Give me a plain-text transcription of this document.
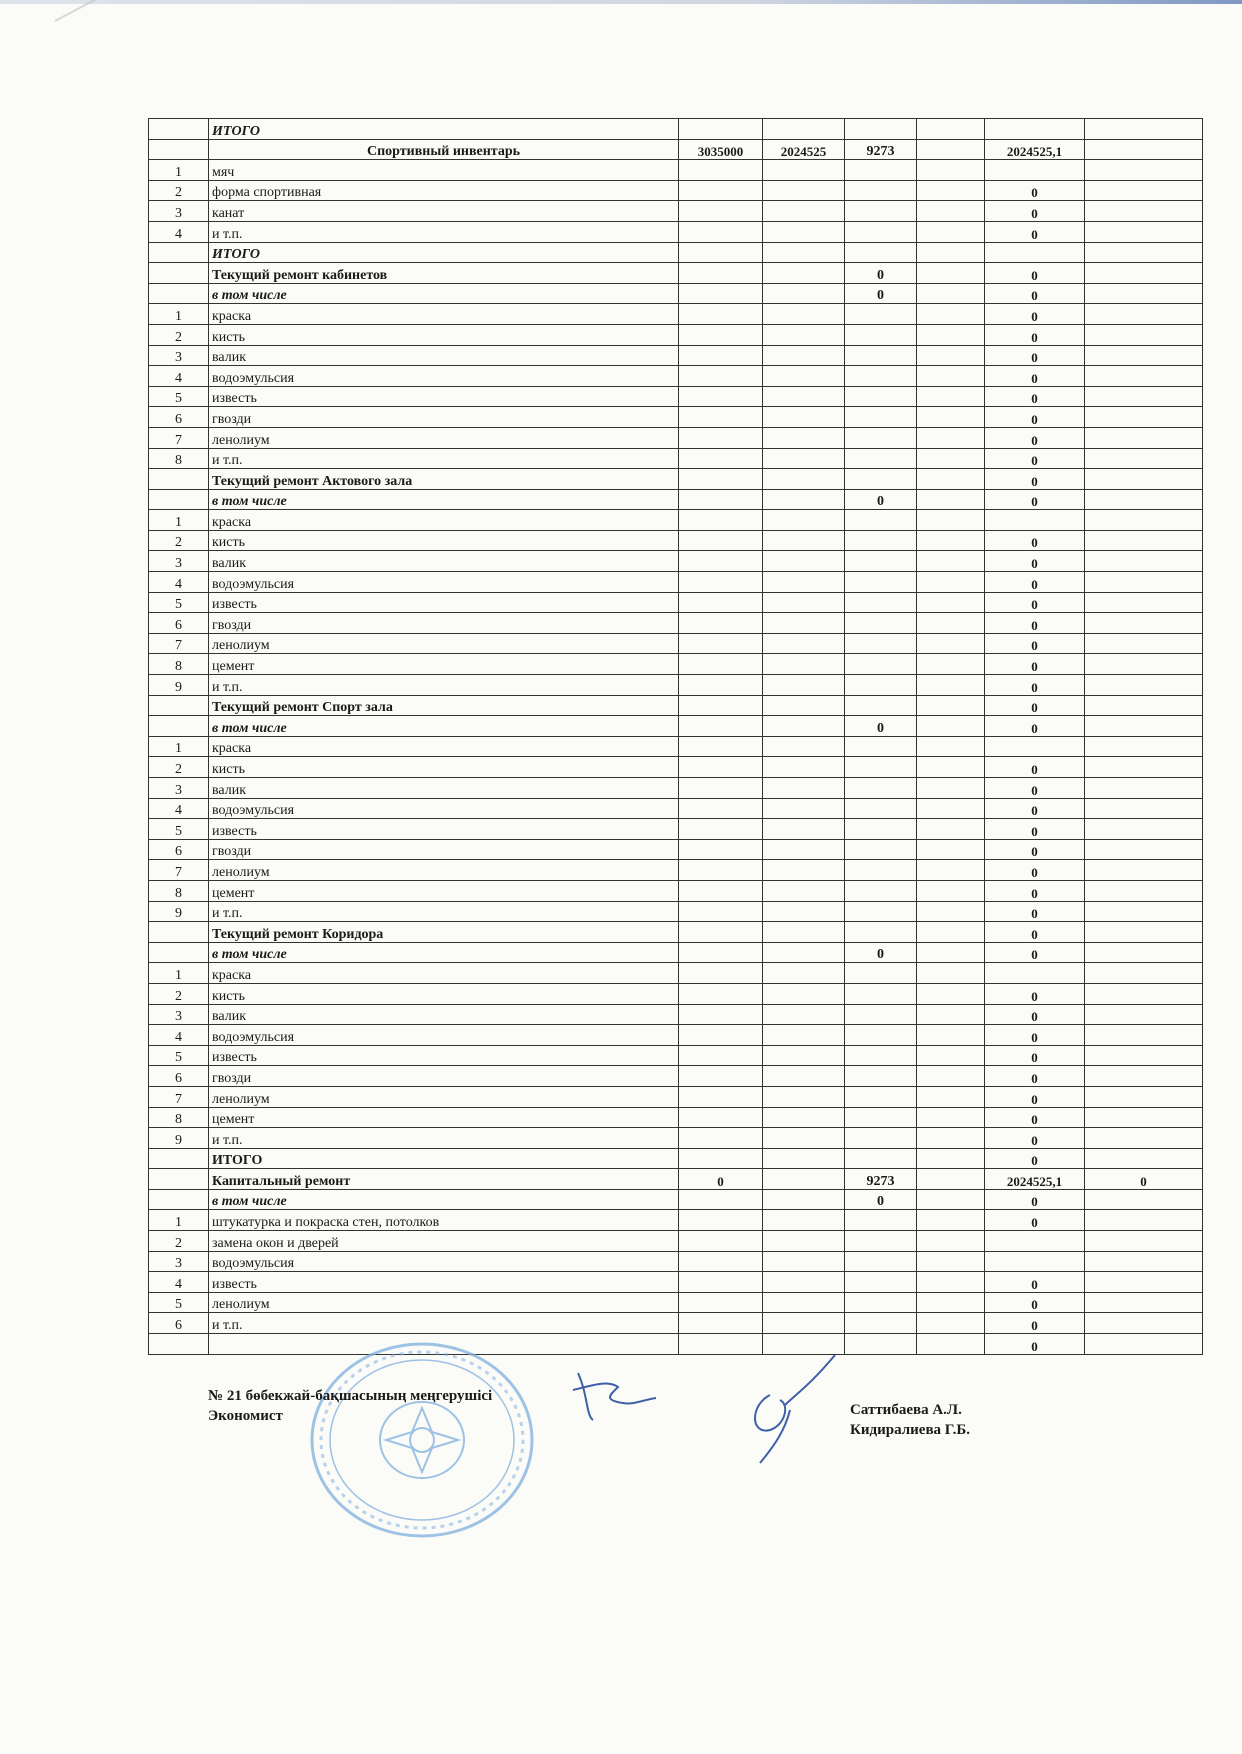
	ИТОГО						
	Спортивный инвентарь	3035000	2024525	9273		2024525,1	
1	мяч						
2	форма спортивная					0	
3	канат					0	
4	и т.п.					0	
	ИТОГО						
	Текущий ремонт кабинетов			0		0	
	в том числе			0		0	
1	краска					0	
2	кисть					0	
3	валик					0	
4	водоэмульсия					0	
5	известь					0	
6	гвозди					0	
7	ленолиум					0	
8	и т.п.					0	
	Текущий ремонт Актового зала					0	
	в том числе			0		0	
1	краска						
2	кисть					0	
3	валик					0	
4	водоэмульсия					0	
5	известь					0	
6	гвозди					0	
7	ленолиум					0	
8	цемент					0	
9	и т.п.					0	
	Текущий ремонт Спорт зала					0	
	в том числе			0		0	
1	краска						
2	кисть					0	
3	валик					0	
4	водоэмульсия					0	
5	известь					0	
6	гвозди					0	
7	ленолиум					0	
8	цемент					0	
9	и т.п.					0	
	Текущий ремонт Коридора					0	
	в том числе			0		0	
1	краска						
2	кисть					0	
3	валик					0	
4	водоэмульсия					0	
5	известь					0	
6	гвозди					0	
7	ленолиум					0	
8	цемент					0	
9	и т.п.					0	
	ИТОГО					0	
	Капитальный ремонт	0		9273		2024525,1	0
	в том числе			0		0	
1	штукатурка и покраска стен, потолков					0	
2	замена окон и дверей						
3	водоэмульсия						
4	известь					0	
5	ленолиум					0	
6	и т.п.					0	
						0	
№ 21 бөбекжай-бақшасының меңгерушісі
Экономист	Саттибаева А.Л.
Кидиралиева Г.Б.
